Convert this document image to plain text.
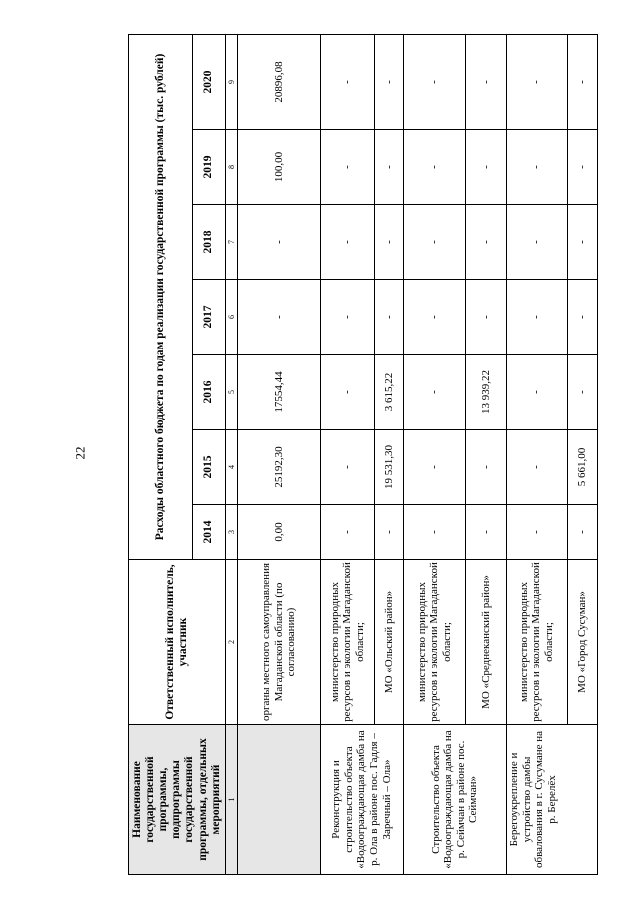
22
Наименование государственной программы, подпрограммы государственной программы, отдельных мероприятий	Ответственный исполнитель, участник	Расходы областного бюджета по годам реализации государственной программы (тыс. рублей)						
		2014	2015	2016	2017	2018	2019	2020
1	2	3	4	5	6	7	8	9
	органы местного самоуправления Магаданской области (по согласованию)	0,00	25192,30	17554,44	-	-	100,00	20896,08
Реконструкция и строительство объекта «Водоограждающая дамба на р. Ола в районе пос. Гадля – Заречный – Ола»	министерство природных ресурсов и экологии Магаданской области;	-	-	-	-	-	-	-
	МО «Ольский район»	-	19 531,30	3 615,22	-	-	-	-
Строительство объекта «Водоограждающая дамба на р. Сеймчан в районе пос. Сеймчан»	министерство природных ресурсов и экологии Магаданской области;	-	-	-	-	-	-	-
	МО «Среднеканский район»	-	-	13 939,22	-	-	-	-
Берегоукрепление и устройство дамбы обвалования в г. Сусумане на р. Берелёх	министерство природных ресурсов и экологии Магаданской области;	-	-	-	-	-	-	-
	МО «Город Сусуман»	-	5 661,00	-	-	-	-	-
